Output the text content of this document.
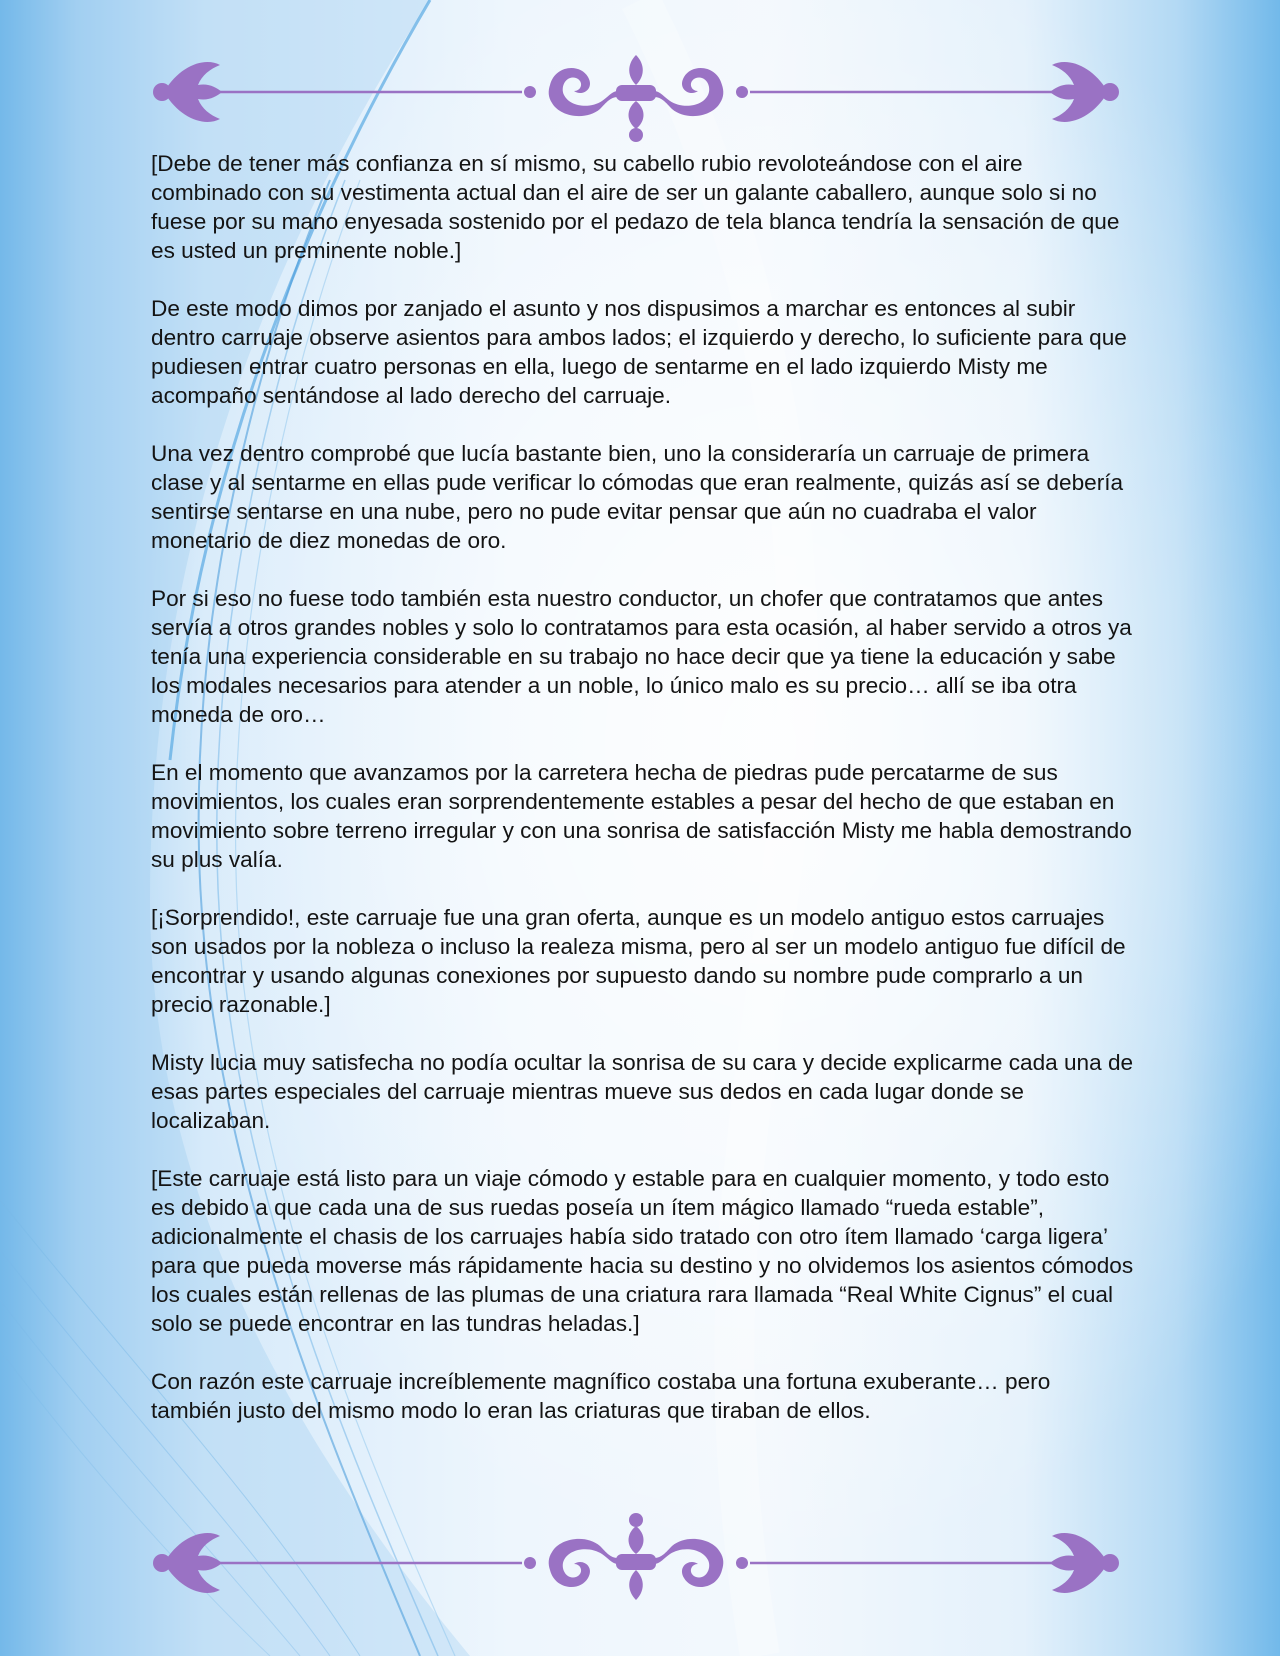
[Debe de tener más confianza en sí mismo, su cabello rubio revoloteándose con el aire combinado con su vestimenta actual dan el aire de ser un galante caballero, aunque solo si no fuese por su mano enyesada sostenido por el pedazo de tela blanca tendría la sensación de que es usted un preminente noble.]

De este modo dimos por zanjado el asunto y nos dispusimos a marchar es entonces al subir dentro carruaje observe asientos para ambos lados; el izquierdo y derecho, lo suficiente para que pudiesen entrar cuatro personas en ella, luego de sentarme en el lado izquierdo Misty me acompaño sentándose al lado derecho del carruaje.

Una vez dentro comprobé que lucía bastante bien, uno la consideraría un carruaje de primera clase y al sentarme en ellas pude verificar lo cómodas que eran realmente, quizás así se debería sentirse sentarse en una nube, pero no pude evitar pensar que aún no cuadraba el valor monetario de diez monedas de oro.

Por si eso no fuese todo también esta nuestro conductor, un chofer que contratamos que antes servía a otros grandes nobles y solo lo contratamos para esta ocasión, al haber servido a otros ya tenía una experiencia considerable en su trabajo no hace decir que ya tiene la educación y sabe los modales necesarios para atender a un noble, lo único malo es su precio… allí se iba otra moneda de oro…

En el momento que avanzamos por la carretera hecha de piedras pude percatarme de sus movimientos, los cuales eran sorprendentemente estables a pesar del hecho de que estaban en movimiento sobre terreno irregular y con una sonrisa de satisfacción Misty me habla demostrando su plus valía.

[¡Sorprendido!, este carruaje fue una gran oferta, aunque es un modelo antiguo estos carruajes son usados por la nobleza o incluso la realeza misma, pero al ser un modelo antiguo fue difícil de encontrar y usando algunas conexiones por supuesto dando su nombre pude comprarlo a un precio razonable.]

Misty lucia muy satisfecha no podía ocultar la sonrisa de su cara y decide explicarme cada una de esas partes especiales del carruaje mientras mueve sus dedos en cada lugar donde se localizaban.

[Este carruaje está listo para un viaje cómodo y estable para en cualquier momento, y todo esto es debido a que cada una de sus ruedas poseía un ítem mágico llamado “rueda estable”, adicionalmente el chasis de los carruajes había sido tratado con otro ítem llamado ‘carga ligera’ para que pueda moverse más rápidamente hacia su destino y no olvidemos los asientos cómodos los cuales están rellenas de las plumas de una criatura rara llamada “Real White Cignus” el cual solo se puede encontrar en las tundras heladas.]

Con razón este carruaje increíblemente magnífico costaba una fortuna exuberante… pero también justo del mismo modo lo eran las criaturas que tiraban de ellos.
